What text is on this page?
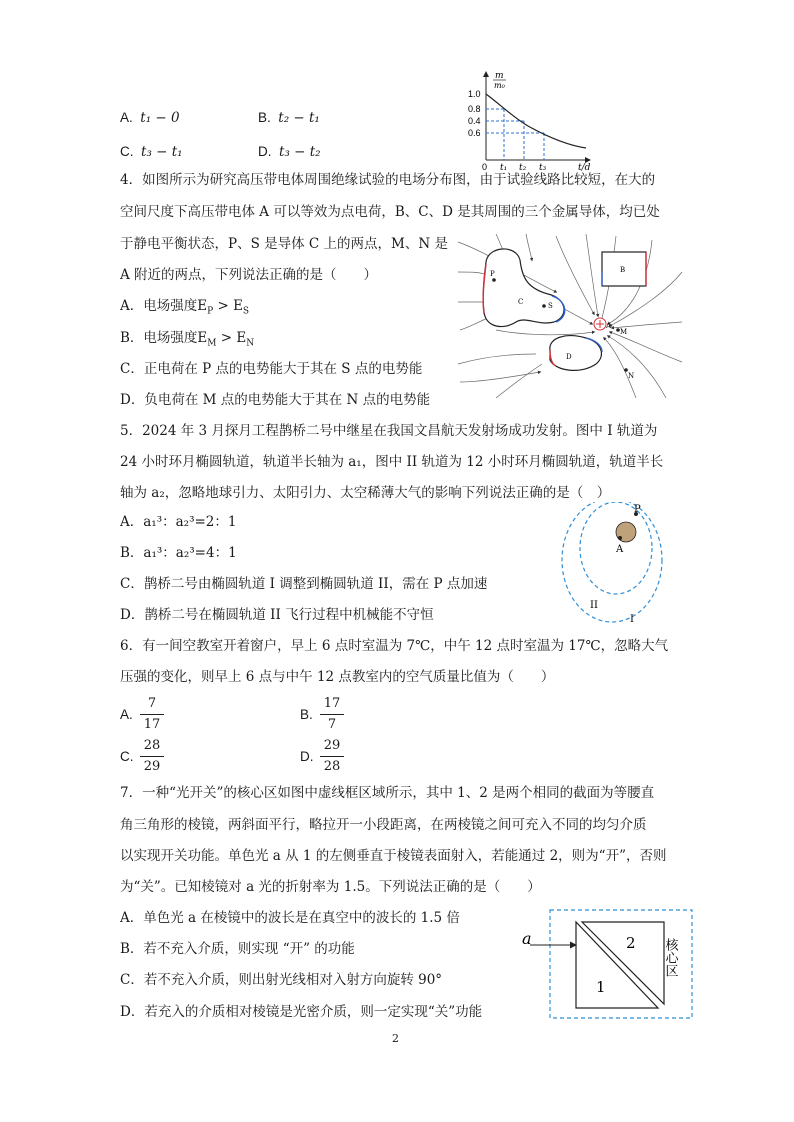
A. t₁ − 0	B. t₂ − t₁
C. t₃ − t₁	D. t₃ − t₂
m
m₀
1.0
0.8
0.4
0.6
0 t₁ t₂ t₃	t/d
4．如图所示为研究高压带电体周围绝缘试验的电场分布图，由于试验线路比较短，在大的
空间尺度下高压带电体 A 可以等效为点电荷，B、C、D 是其周围的三个金属导体，均已处
于静电平衡状态，P、S 是导体 C 上的两点，M、N 是
A 附近的两点，下列说法正确的是（　　）
A．电场强度$E_P > E_S$
B．电场强度$E_M > E_N$
C．正电荷在 P 点的电势能大于其在 S 点的电势能
D．负电荷在 M 点的电势能大于其在 N 点的电势能
P
C	S
B
D
A
M
N
5．2024 年 3 月探月工程鹊桥二号中继星在我国文昌航天发射场成功发射。图中 I 轨道为
24 小时环月椭圆轨道，轨道半长轴为 a₁，图中 II 轨道为 12 小时环月椭圆轨道，轨道半长
轴为 a₂，忽略地球引力、太阳引力、太空稀薄大气的影响下列说法正确的是（　）
A．a₁³：a₂³=2：1
B．a₁³：a₂³=4：1
C．鹊桥二号由椭圆轨道 I 调整到椭圆轨道 II，需在 P 点加速
D．鹊桥二号在椭圆轨道 II 飞行过程中机械能不守恒
P
A
II
I
6．有一间空教室开着窗户，早上 6 点时室温为 7℃，中午 12 点时室温为 17℃，忽略大气
压强的变化，则早上 6 点与中午 12 点教室内的空气质量比值为（　　）
A.
7
17
B.
17
7
C.
28
29
D.
29
28
7．一种“光开关”的核心区如图中虚线框区域所示，其中 1、2 是两个相同的截面为等腰直
角三角形的棱镜，两斜面平行，略拉开一小段距离，在两棱镜之间可充入不同的均匀介质
以实现开关功能。单色光 a 从 1 的左侧垂直于棱镜表面射入，若能通过 2，则为“开”，否则
为“关”。已知棱镜对 a 光的折射率为 1.5。下列说法正确的是（　　）
A．单色光 a 在棱镜中的波长是在真空中的波长的 1.5 倍
B．若不充入介质，则实现 “开” 的功能
C．若不充入介质，则出射光线相对入射方向旋转 90°
D．若充入的介质相对棱镜是光密介质，则一定实现“关”功能
a
1
2 核心区
2
